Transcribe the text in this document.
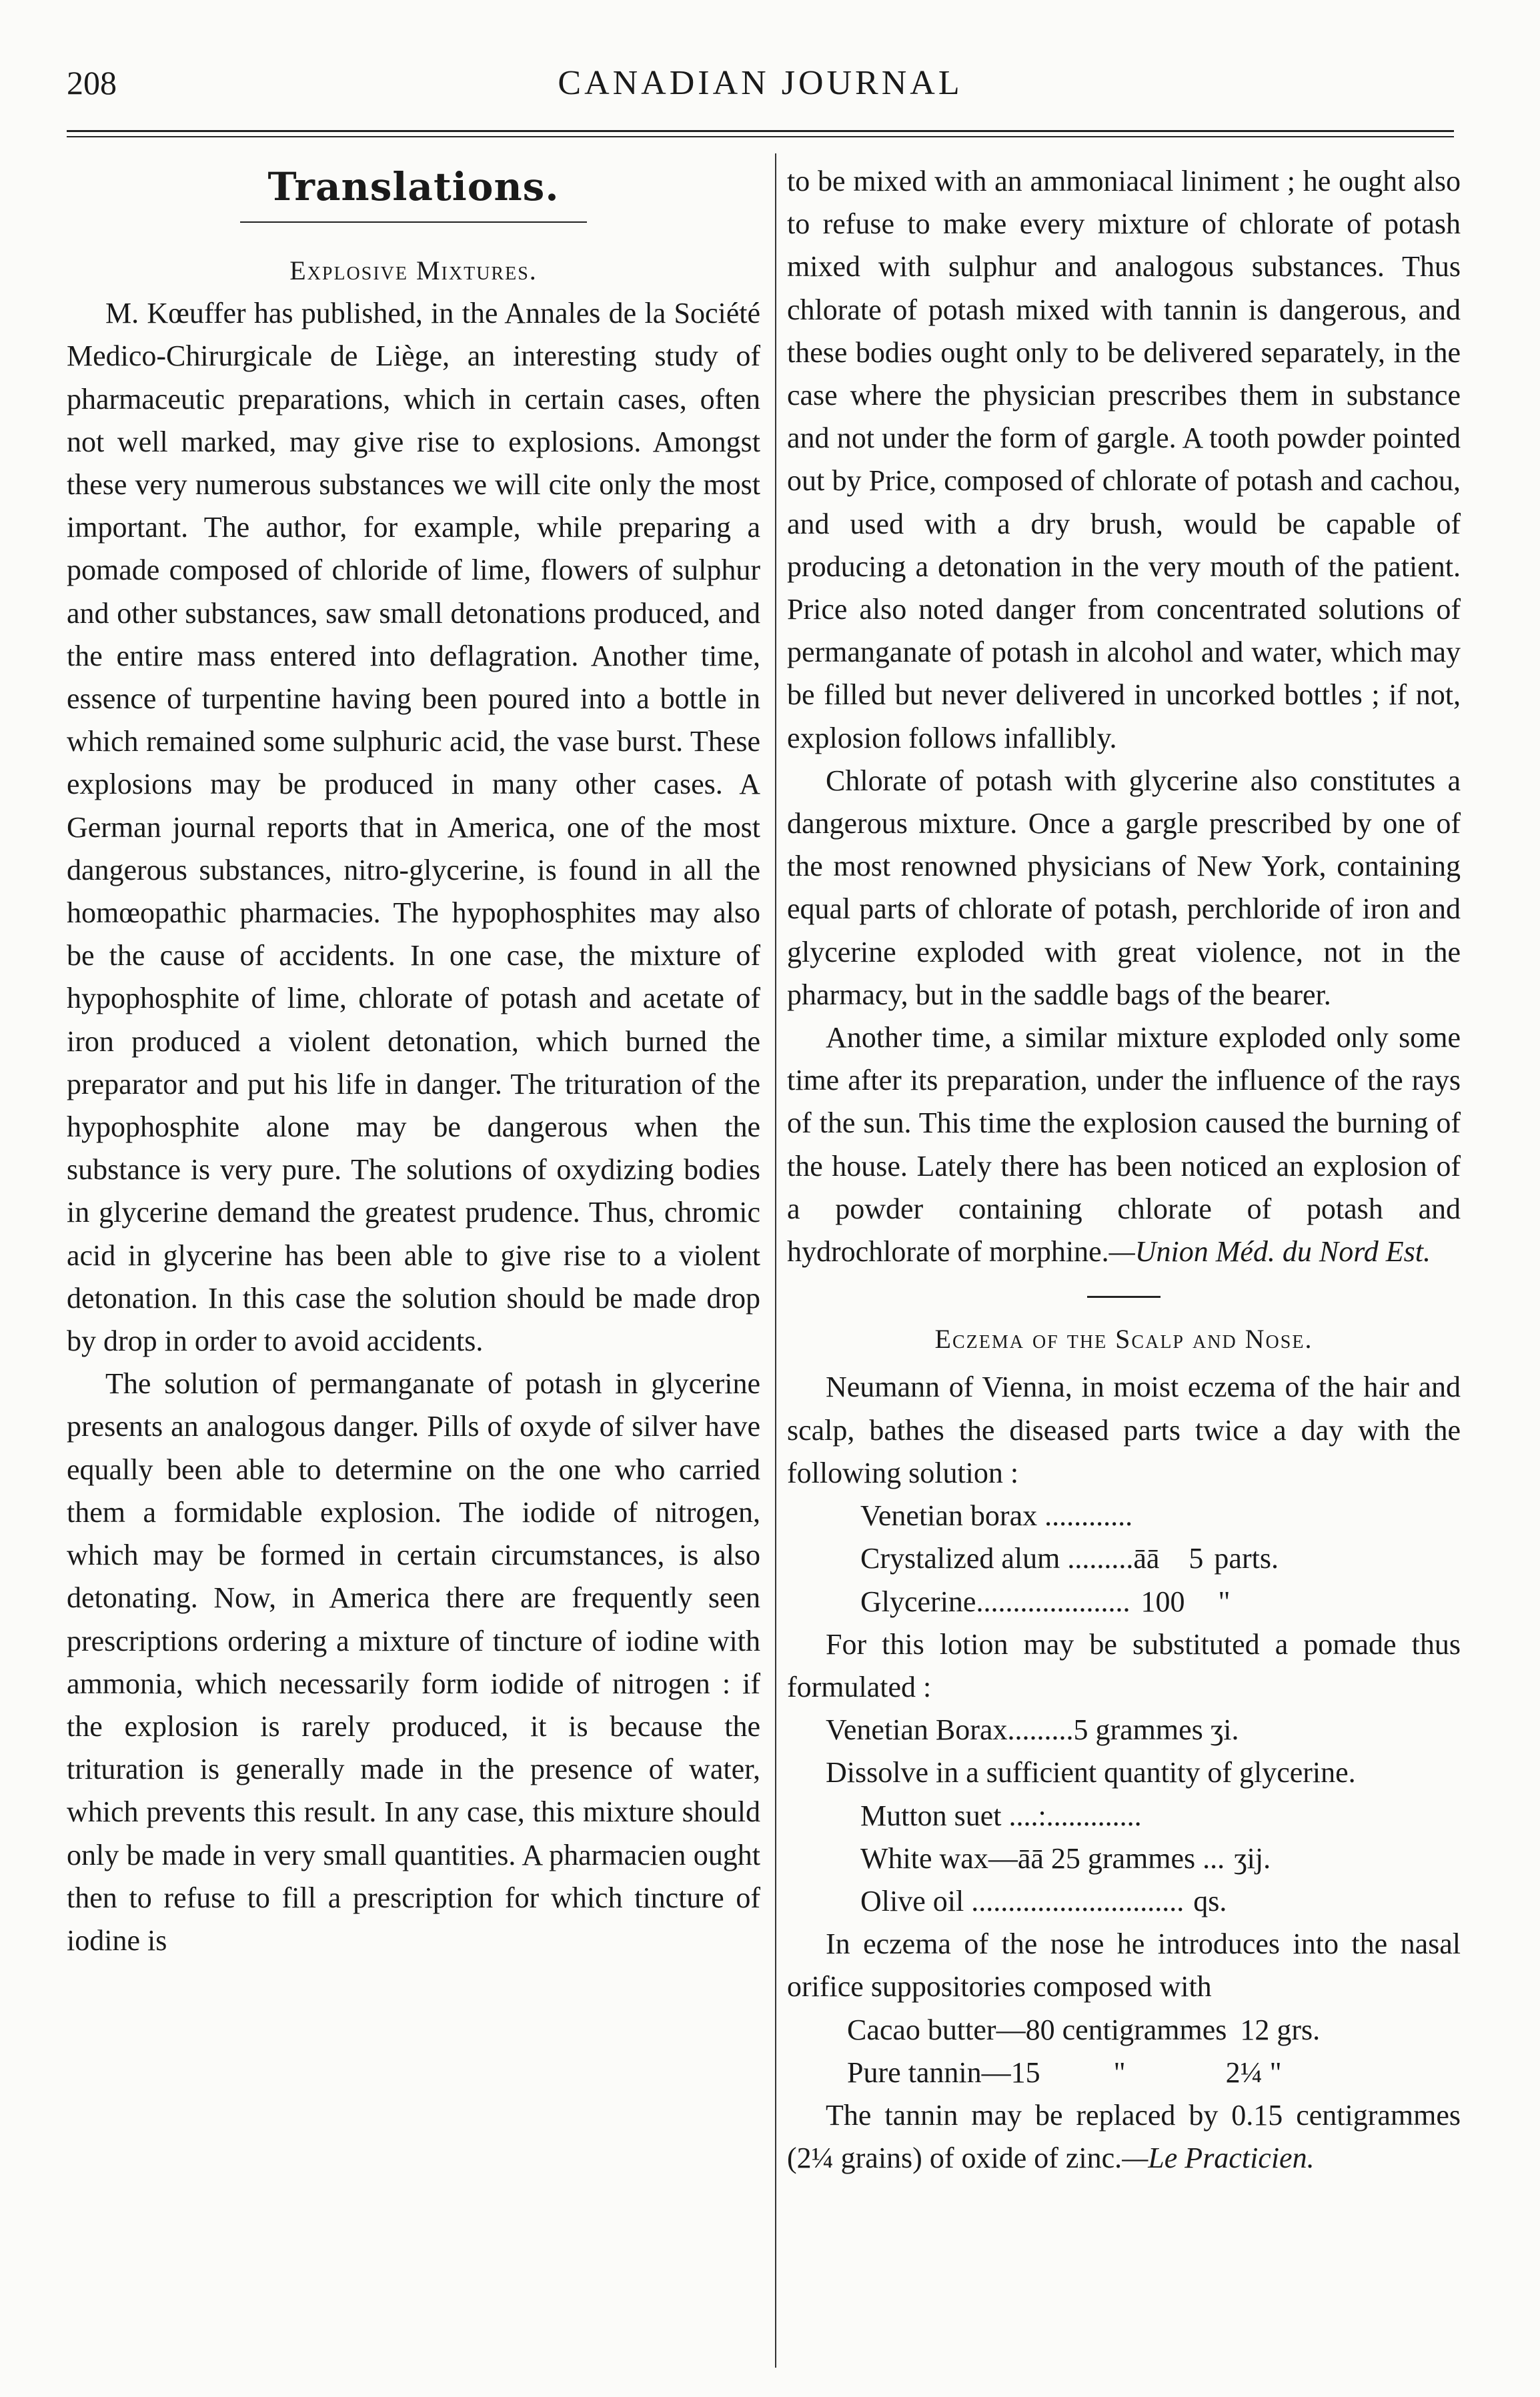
CANADIAN JOURNAL
208
Translations.
Explosive Mixtures.

M. Kœuffer has published, in the Annales de la Société Medico-Chirurgicale de Liège, an interesting study of pharmaceutic preparations, which in certain cases, often not well marked, may give rise to explosions. Amongst these very numerous substances we will cite only the most important. The author, for example, while preparing a pomade composed of chloride of lime, flowers of sulphur and other substances, saw small detonations produced, and the entire mass entered into deflagration. Another time, essence of turpentine having been poured into a bottle in which remained some sulphuric acid, the vase burst. These explosions may be produced in many other cases. A German journal reports that in America, one of the most dangerous substances, nitro-glycerine, is found in all the homœopathic pharmacies. The hypophosphites may also be the cause of accidents. In one case, the mixture of hypophosphite of lime, chlorate of potash and acetate of iron produced a violent detonation, which burned the preparator and put his life in danger. The trituration of the hypophosphite alone may be dangerous when the substance is very pure. The solutions of oxydizing bodies in glycerine demand the greatest prudence. Thus, chromic acid in glycerine has been able to give rise to a violent detonation. In this case the solution should be made drop by drop in order to avoid accidents.

The solution of permanganate of potash in glycerine presents an analogous danger. Pills of oxyde of silver have equally been able to determine on the one who carried them a formidable explosion. The iodide of nitrogen, which may be formed in certain circumstances, is also detonating. Now, in America there are frequently seen prescriptions ordering a mixture of tincture of iodine with ammonia, which necessarily form iodide of nitrogen : if the explosion is rarely produced, it is because the trituration is generally made in the presence of water, which prevents this result. In any case, this mixture should only be made in very small quantities. A pharmacien ought then to refuse to fill a prescription for which tincture of iodine is

to be mixed with an ammoniacal liniment ; he ought also to refuse to make every mixture of chlorate of potash mixed with sulphur and analogous substances. Thus chlorate of potash mixed with tannin is dangerous, and these bodies ought only to be delivered separately, in the case where the physician prescribes them in substance and not under the form of gargle. A tooth powder pointed out by Price, composed of chlorate of potash and cachou, and used with a dry brush, would be capable of producing a detonation in the very mouth of the patient. Price also noted danger from concentrated solutions of permanganate of potash in alcohol and water, which may be filled but never delivered in uncorked bottles ; if not, explosion follows infallibly.

Chlorate of potash with glycerine also constitutes a dangerous mixture. Once a gargle prescribed by one of the most renowned physicians of New York, containing equal parts of chlorate of potash, perchloride of iron and glycerine exploded with great violence, not in the pharmacy, but in the saddle bags of the bearer.

Another time, a similar mixture exploded only some time after its preparation, under the influence of the rays of the sun. This time the explosion caused the burning of the house. Lately there has been noticed an explosion of a powder containing chlorate of potash and hydrochlorate of morphine.—Union Méd. du Nord Est.

Eczema of the Scalp and Nose.

Neumann of Vienna, in moist eczema of the hair and scalp, bathes the diseased parts twice a day with the following solution :

Venetian borax ............
Crystalized alum .........āā 5 parts.
Glycerine..................... 100 "

For this lotion may be substituted a pomade thus formulated :

Venetian Borax.........5 grammes ʒi.

Dissolve in a sufficient quantity of glycerine.

Mutton suet ....:.............
White wax—āā 25 grammes ... ʒij.
Olive oil ............................. qs.

In eczema of the nose he introduces into the nasal orifice suppositories composed with

Cacao butter—80 centigrammes 12 grs.
Pure tannin—15          "	2¼ "

The tannin may be replaced by 0.15 centigrammes (2¼ grains) of oxide of zinc.—Le Practicien.
